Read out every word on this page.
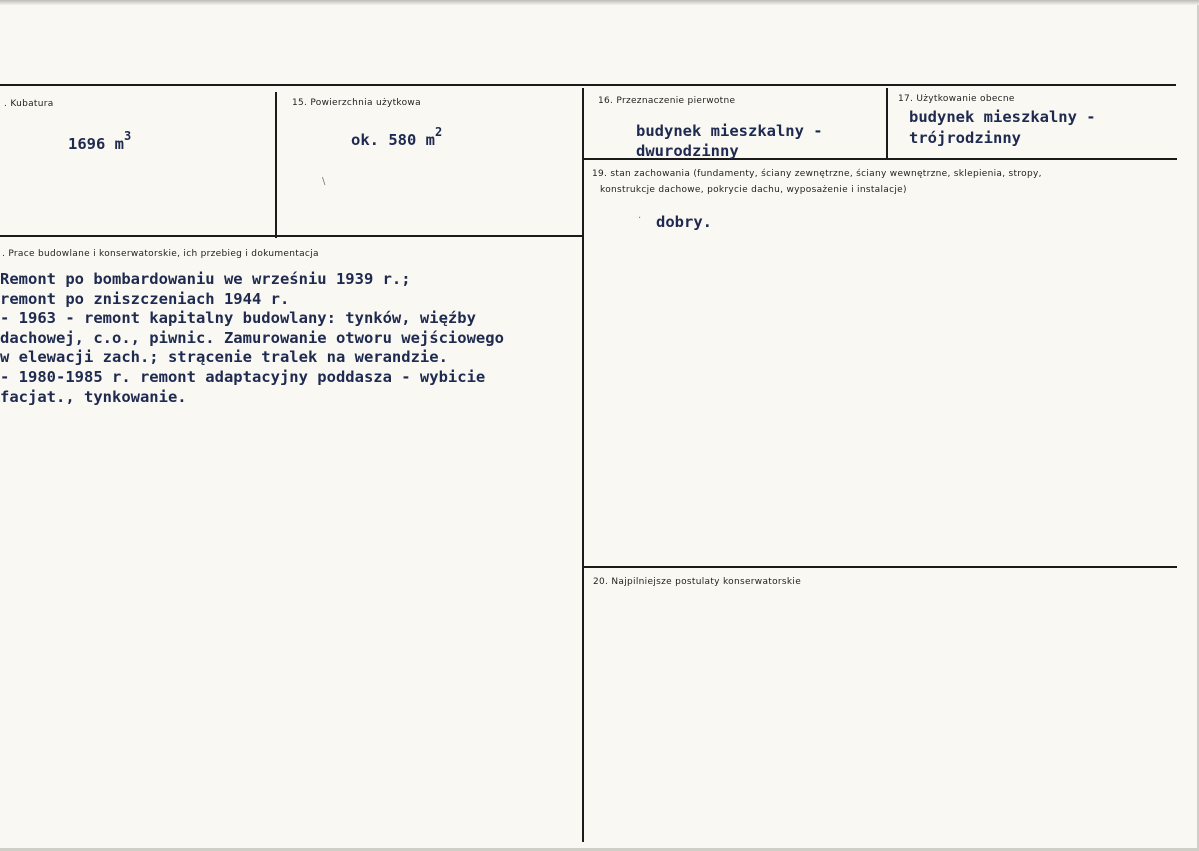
. Kubatura
1696 $m^3$
15. Powierzchnia użytkowa
ok. 580 $m^2$
\
16. Przeznaczenie pierwotne
budynek mieszkalny -
dwurodzinny
17. Użytkowanie obecne
budynek mieszkalny -
trójrodzinny
19. stan zachowania (fundamenty, ściany zewnętrzne, ściany wewnętrzne, sklepienia, stropy,
konstrukcje dachowe, pokrycie dachu, wyposażenie i instalacje)
· dobry.
. Prace budowlane i konserwatorskie, ich przebieg i dokumentacja
Remont po bombardowaniu we wrześniu 1939 r.;
remont po zniszczeniach 1944 r.
- 1963 - remont kapitalny budowlany: tynków, więźby
dachowej, c.o., piwnic. Zamurowanie otworu wejściowego
w elewacji zach.; strącenie tralek na werandzie.
- 1980-1985 r. remont adaptacyjny poddasza - wybicie
facjat., tynkowanie.
20. Najpilniejsze postulaty konserwatorskie
